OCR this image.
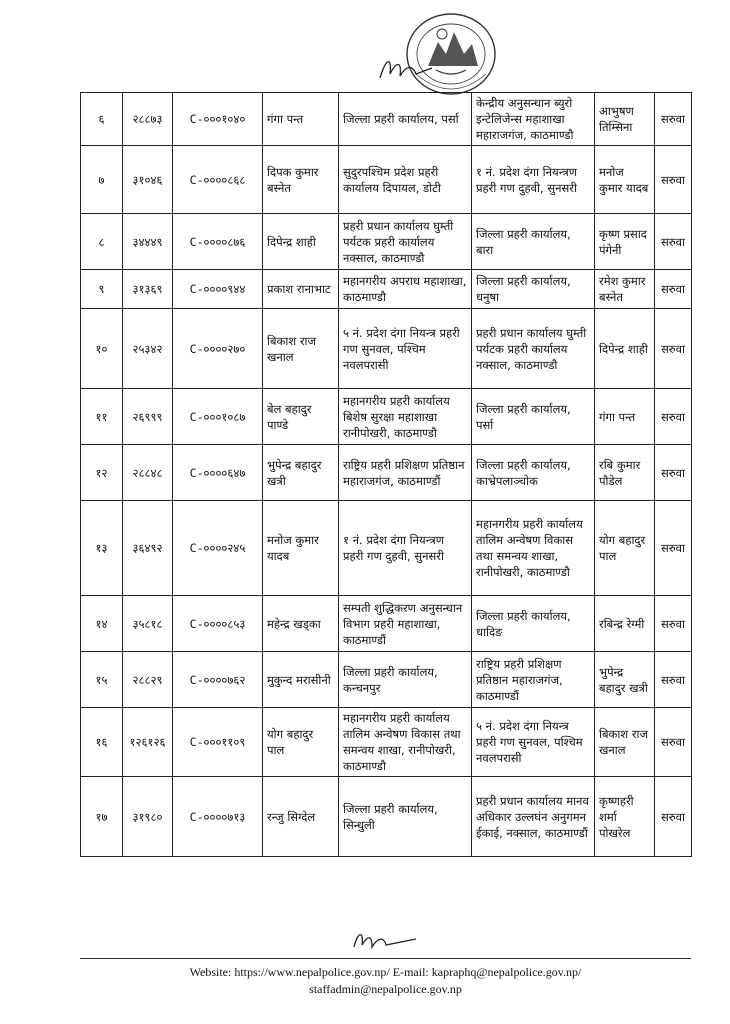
६	२८८७३	C-०००१०४०	गंगा पन्त	जिल्ला प्रहरी कार्यालय, पर्सा	केन्द्रीय अनुसन्धान ब्युरो इन्टेलिजेन्स महाशाखा महाराजगंज, काठमाण्डौ	आभुषण तिम्सिना	सरुवा
७	३१०४६	C-००००८६८	दिपक कुमार बस्नेत	सुदुरपश्चिम प्रदेश प्रहरी कार्यालय दिपायल, डोटी	१ नं. प्रदेश दंगा नियन्त्रण प्रहरी गण दुहवी, सुनसरी	मनोज कुमार यादब	सरुवा
८	३४४४९	C-००००८७६	दिपेन्द्र शाही	प्रहरी प्रधान कार्यालय घुम्ती पर्यटक प्रहरी कार्यालय नक्साल, काठमाण्डौ	जिल्ला प्रहरी कार्यालय, बारा	कृष्ण प्रसाद पंगेनी	सरुवा
९	३१३६९	C-००००९४४	प्रकाश रानाभाट	महानगरीय अपराध महाशाखा, काठमाण्डौ	जिल्ला प्रहरी कार्यालय, धनुषा	रमेश कुमार बस्नेत	सरुवा
१०	२५३४२	C-००००२७०	बिकाश राज खनाल	५ नं. प्रदेश दंगा नियन्त्र प्रहरी गण सुनवल, पश्चिम नवलपरासी	प्रहरी प्रधान कार्यालय घुम्ती पर्यटक प्रहरी कार्यालय नक्साल, काठमाण्डौ	दिपेन्द्र शाही	सरुवा
११	२६९९९	C-०००१०८७	बेल बहादुर पाण्डे	महानगरीय प्रहरी कार्यालय बिशेष सुरक्षा महाशाखा रानीपोखरी, काठमाण्डौ	जिल्ला प्रहरी कार्यालय, पर्सा	गंगा पन्त	सरुवा
१२	२८८४८	C-००००६४७	भुपेन्द्र बहादुर खत्री	राष्ट्रिय प्रहरी प्रशिक्षण प्रतिष्ठान महाराजगंज, काठमाण्डौं	जिल्ला प्रहरी कार्यालय, काभ्रेपलाञ्चोक	रबि कुमार पौडेल	सरुवा
१३	३६४९२	C-००००२४५	मनोज कुमार यादब	१ नं. प्रदेश दंगा नियन्त्रण प्रहरी गण दुहवी, सुनसरी	महानगरीय प्रहरी कार्यालय तालिम अन्वेषण विकास तथा समन्वय शाखा, रानीपोखरी, काठमाण्डौ	योग बहादुर पाल	सरुवा
१४	३५८१८	C-००००८५३	महेन्द्र खड्का	सम्पती शुद्धिकरण अनुसन्धान विभाग प्रहरी महाशाखा, काठमाण्डौं	जिल्ला प्रहरी कार्यालय, धादिङ	रबिन्द्र रेग्मी	सरुवा
१५	२८८२९	C-००००७६२	मुकुन्द मरासीनी	जिल्ला प्रहरी कार्यालय, कन्चनपुर	राष्ट्रिय प्रहरी प्रशिक्षण प्रतिष्ठान महाराजगंज, काठमाण्डौं	भुपेन्द्र बहादुर खत्री	सरुवा
१६	१२६१२६	C-०००११०९	योग बहादुर पाल	महानगरीय प्रहरी कार्यालय तालिम अन्वेषण विकास तथा समन्वय शाखा, रानीपोखरी, काठमाण्डौ	५ नं. प्रदेश दंगा नियन्त्र प्रहरी गण सुनवल, पश्चिम नवलपरासी	बिकाश राज खनाल	सरुवा
१७	३१९८०	C-००००७१३	रन्जु सिग्देल	जिल्ला प्रहरी कार्यालय, सिन्धुली	प्रहरी प्रधान कार्यालय मानव अधिकार उल्लघंन अनुगमन ईकाई, नक्साल, काठमाण्डौं	कृष्णहरी शर्मा पोखरेल	सरुवा
Website: https://www.nepalpolice.gov.np/ E-mail: kapraphq@nepalpolice.gov.np/
staffadmin@nepalpolice.gov.np
